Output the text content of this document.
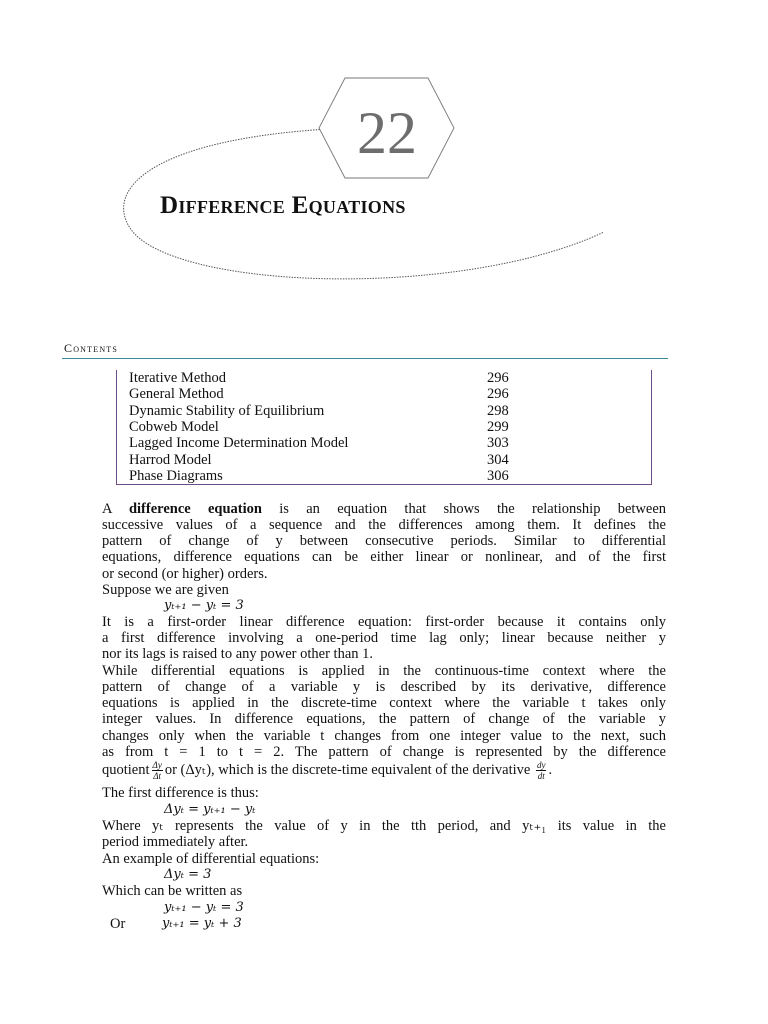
22
Difference Equations
Contents
Iterative Method	296
General Method	296
Dynamic Stability of Equilibrium	298
Cobweb Model	299
Lagged Income Determination Model	303
Harrod Model	304
Phase Diagrams	306
A difference equation is an equation that shows the relationship between
successive values of a sequence and the differences among them. It defines the
pattern of change of y between consecutive periods. Similar to differential
equations, difference equations can be either linear or nonlinear, and of the first
or second (or higher) orders.
Suppose we are given
yₜ₊₁ − yₜ = 3
It is a first-order linear difference equation: first-order because it contains only
a first difference involving a one-period time lag only; linear because neither y
nor its lags is raised to any power other than 1.
While differential equations is applied in the continuous-time context where the
pattern of change of a variable y is described by its derivative, difference
equations is applied in the discrete-time context where the variable t takes only
integer values. In difference equations, the pattern of change of the variable y
changes only when the variable t changes from one integer value to the next, such
as from t = 1 to t = 2. The pattern of change is represented by the difference
quotient $\frac{\Delta y}{\Delta t}$ or (Δyₜ), which is the discrete-time equivalent of the derivative $\frac{dy}{dt}$ .
The first difference is thus:
Δyₜ = yₜ₊₁ − yₜ
Where yₜ represents the value of y in the tth period, and yₜ₊₁ its value in the
period immediately after.
An example of differential equations:
Δyₜ = 3
Which can be written as
yₜ₊₁ − yₜ = 3
Or	yₜ₊₁ = yₜ + 3
